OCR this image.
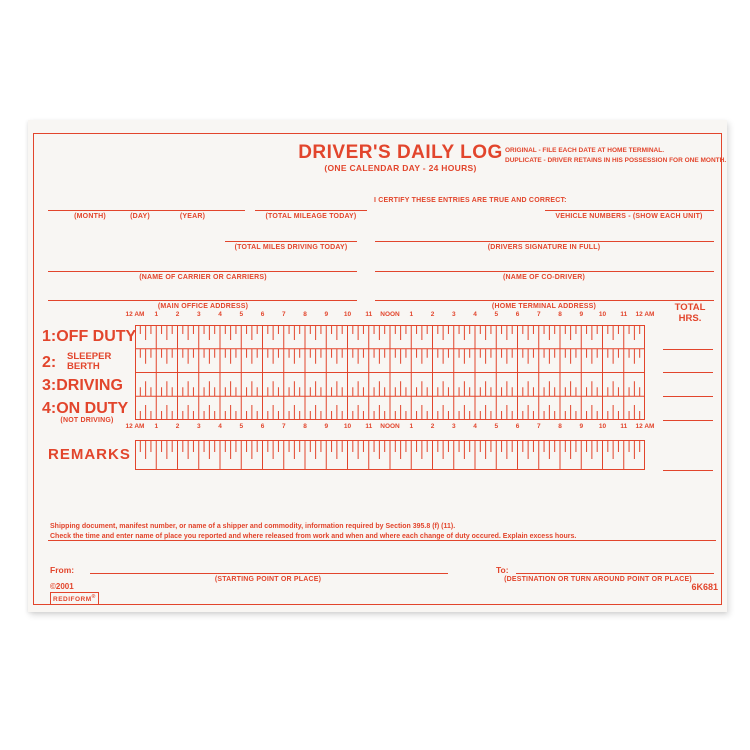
DRIVER'S DAILY LOG
(ONE CALENDAR DAY - 24 HOURS)
ORIGINAL - FILE EACH DATE AT HOME TERMINAL.
DUPLICATE - DRIVER RETAINS IN HIS POSSESSION FOR ONE MONTH.
(MONTH)	(DAY)	(YEAR)	(TOTAL MILEAGE TODAY)
I CERTIFY THESE ENTRIES ARE TRUE AND CORRECT:
VEHICLE NUMBERS - (SHOW EACH UNIT)
(TOTAL MILES DRIVING TODAY)	(DRIVERS SIGNATURE IN FULL)
(NAME OF CARRIER OR CARRIERS)	(NAME OF CO-DRIVER)
(MAIN OFFICE ADDRESS)	(HOME TERMINAL ADDRESS)	TOTAL
HRS.
12 AM	1	2	3	4	5	6	7	8	9	10	11	NOON	1	2	3	4	5	6	7	8	9	10	11	12 AM
12 AM	1	2	3	4	5	6	7	8	9	10	11	NOON	1	2	3	4	5	6	7	8	9	10	11	12 AM
1:OFF DUTY
2: SLEEPER
BERTH
3:DRIVING
4:ON DUTY
(NOT DRIVING)
REMARKS
Shipping document, manifest number, or name of a shipper and commodity, information required by Section 395.8 (f) (11).
Check the time and enter name of place you reported and where released from work and when and where each change of duty occured. Explain excess hours.
From:
(STARTING POINT OR PLACE)
To:
(DESTINATION OR TURN AROUND POINT OR PLACE)
©2001
REDIFORM®
6K681
